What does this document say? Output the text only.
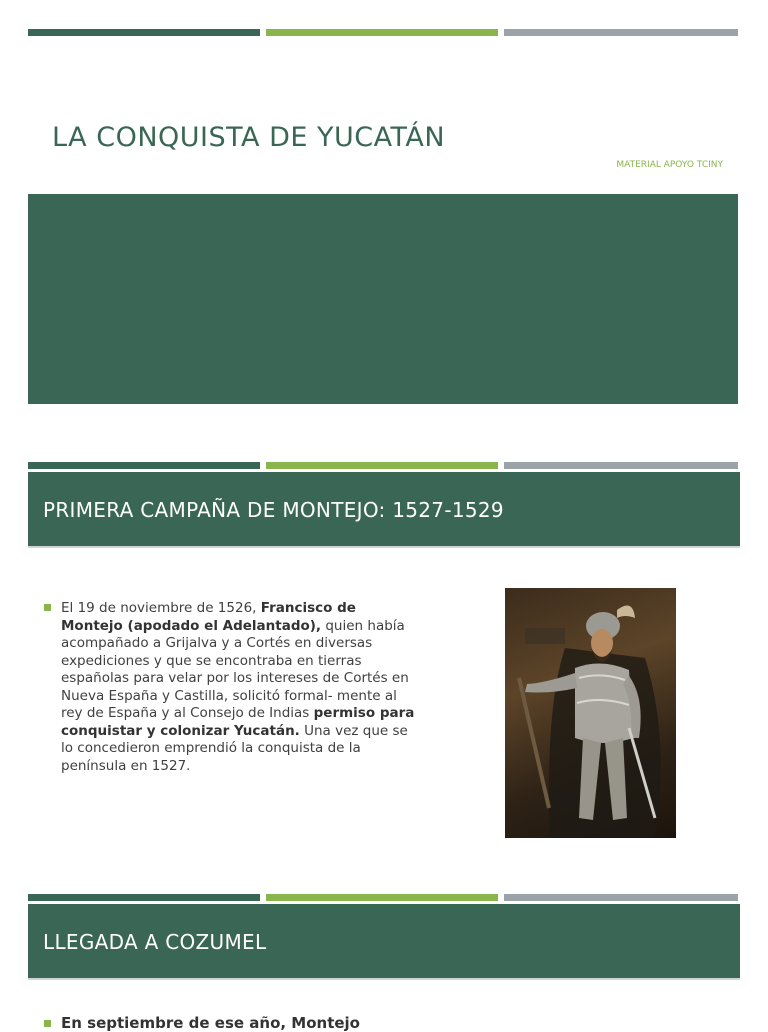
LA CONQUISTA DE YUCATÁN
MATERIAL APOYO TCINY
PRIMERA CAMPAÑA DE MONTEJO: 1527-1529
El 19 de noviembre de 1526, Francisco de Montejo (apodado el Adelantado), quien había acompañado a Grijalva y a Cortés en diversas expediciones y que se encontraba en tierras españolas para velar por los intereses de Cortés en Nueva España y Castilla, solicitó formal- mente al rey de España y al Consejo de Indias permiso para conquistar y colonizar Yucatán. Una vez que se lo concedieron emprendió la conquista de la península en 1527.
LLEGADA A COZUMEL
En septiembre de ese año, Montejo
